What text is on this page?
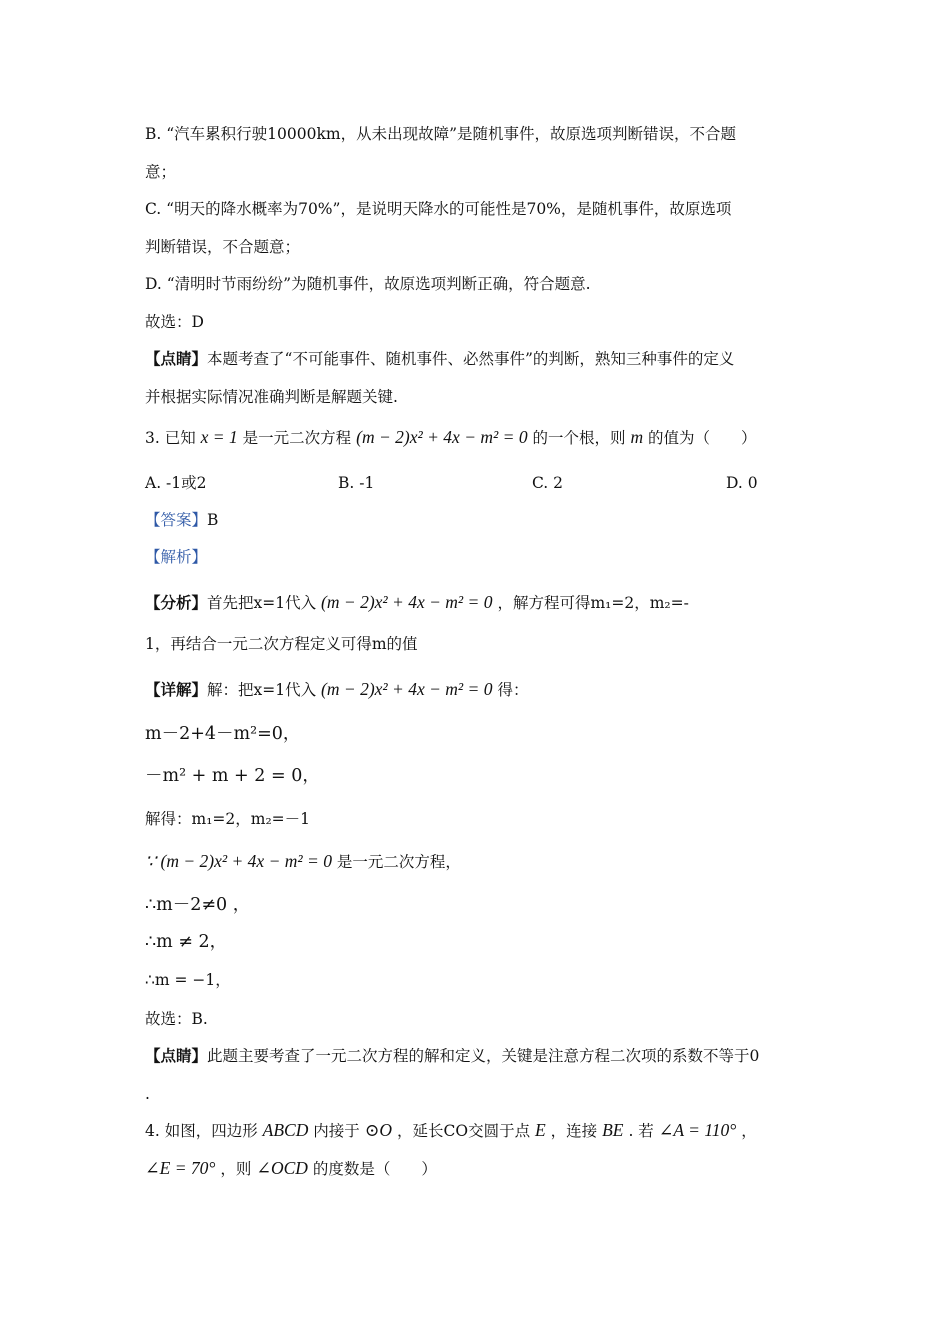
B. “汽车累积行驶10000km，从未出现故障”是随机事件，故原选项判断错误，不合题
意；
C. “明天的降水概率为70%”，是说明天降水的可能性是70%，是随机事件，故原选项
判断错误，不合题意；
D. “清明时节雨纷纷”为随机事件，故原选项判断正确，符合题意.
故选：D
【点睛】本题考查了“不可能事件、随机事件、必然事件”的判断，熟知三种事件的定义
并根据实际情况准确判断是解题关键.
3. 已知 x = 1 是一元二次方程 (m − 2)x² + 4x − m² = 0 的一个根，则 m 的值为（　　）
A. -1或2	B. -1	C. 2	D. 0
【答案】B
【解析】
【分析】首先把x=1代入 (m − 2)x² + 4x − m² = 0 ，解方程可得m₁=2，m₂=-
1，再结合一元二次方程定义可得m的值
【详解】解：把x=1代入 (m − 2)x² + 4x − m² = 0 得：
m－2+4－m²=0，
－m² + m + 2 = 0，
解得：m₁=2，m₂=－1
∵ (m − 2)x² + 4x − m² = 0 是一元二次方程，
∴m－2≠0 ，
∴m ≠ 2，
∴m = −1，
故选：B.
【点睛】此题主要考查了一元二次方程的解和定义，关键是注意方程二次项的系数不等于0
.
4. 如图，四边形 ABCD 内接于 ⊙O ，延长CO交圆于点 E ，连接 BE . 若 ∠A = 110° ，
∠E = 70° ，则 ∠OCD 的度数是（　　）
